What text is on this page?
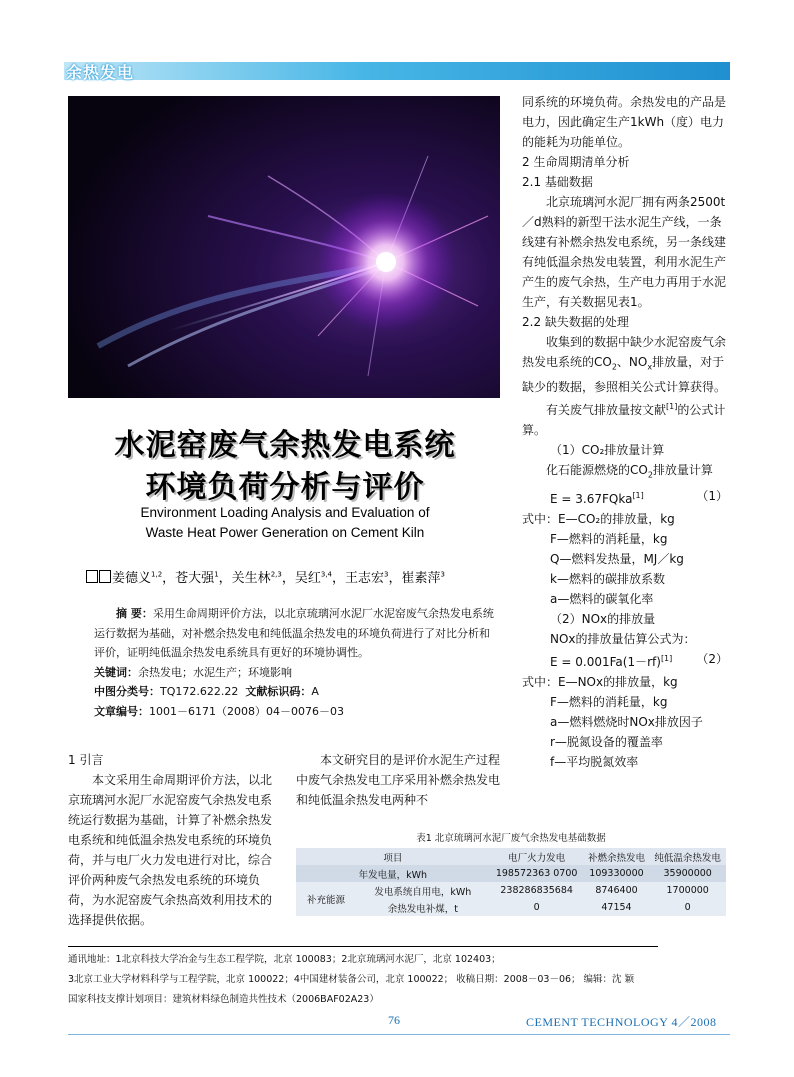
余热发电
水泥窑废气余热发电系统
环境负荷分析与评价
Environment Loading Analysis and Evaluation of
Waste Heat Power Generation on Cement Kiln
姜德义$^{1,2}$，苍大强$^1$，关生林$^{2,3}$，吴红$^{3,4}$，王志宏$^3$，崔素萍$^3$
摘 要：采用生命周期评价方法，以北京琉璃河水泥厂水泥窑废气余热发电系统运行数据为基础，对补燃余热发电和纯低温余热发电的环境负荷进行了对比分析和评价，证明纯低温余热发电系统具有更好的环境协调性。
关键词：余热发电；水泥生产；环境影响
中图分类号：TQ172.622.22 文献标识码：A
文章编号：1001－6171（2008）04－0076－03
1 引言
本文采用生命周期评价方法，以北京琉璃河水泥厂水泥窑废气余热发电系统运行数据为基础，计算了补燃余热发电系统和纯低温余热发电系统的环境负荷，并与电厂火力发电进行对比，综合评价两种废气余热发电系统的环境负荷，为水泥窑废气余热高效利用技术的选择提供依据。
本文研究目的是评价水泥生产过程中废气余热发电工序采用补燃余热发电和纯低温余热发电两种不
同系统的环境负荷。余热发电的产品是电力，因此确定生产1kWh（度）电力的能耗为功能单位。
2 生命周期清单分析
2.1 基础数据
北京琉璃河水泥厂拥有两条2500t／d熟料的新型干法水泥生产线，一条线建有补燃余热发电系统，另一条线建有纯低温余热发电装置，利用水泥生产产生的废气余热，生产电力再用于水泥生产，有关数据见表1。
2.2 缺失数据的处理
收集到的数据中缺少水泥窑废气余热发电系统的$CO_2$、$NO_x$排放量，对于缺少的数据，参照相关公式计算获得。
有关废气排放量按文献[1]的公式计算。
（1）CO₂排放量计算
化石能源燃烧的$CO_2$排放量计算
E = 3.67FQka[1]	（1）
式中：E—CO₂的排放量，kg
F—燃料的消耗量，kg
Q—燃料发热量，MJ／kg
k—燃料的碳排放系数
a—燃料的碳氧化率
（2）NOx的排放量
NOx的排放量估算公式为：
E = 0.001Fa(1－rf)[1] （2）
式中：E—NOx的排放量，kg
F—燃料的消耗量，kg
a—燃料燃烧时NOx排放因子
r—脱氮设备的覆盖率
f—平均脱氮效率
表1 北京琉璃河水泥厂废气余热发电基础数据
项目		电厂火力发电	补燃余热发电	纯低温余热发电
年发电量，kWh		198572363 0700	109330000	35900000
补充能源	发电系统自用电，kWh	238286835684	8746400	1700000
	余热发电补煤，t	0	47154	0
通讯地址：1北京科技大学冶金与生态工程学院，北京 100083；2北京琉璃河水泥厂，北京 102403；
3北京工业大学材料科学与工程学院，北京 100022；4中国建材装备公司，北京 100022； 收稿日期：2008－03－06； 编辑：沈 颖
国家科技支撑计划项目：建筑材料绿色制造共性技术（2006BAF02A23）
76	CEMENT TECHNOLOGY 4／2008
